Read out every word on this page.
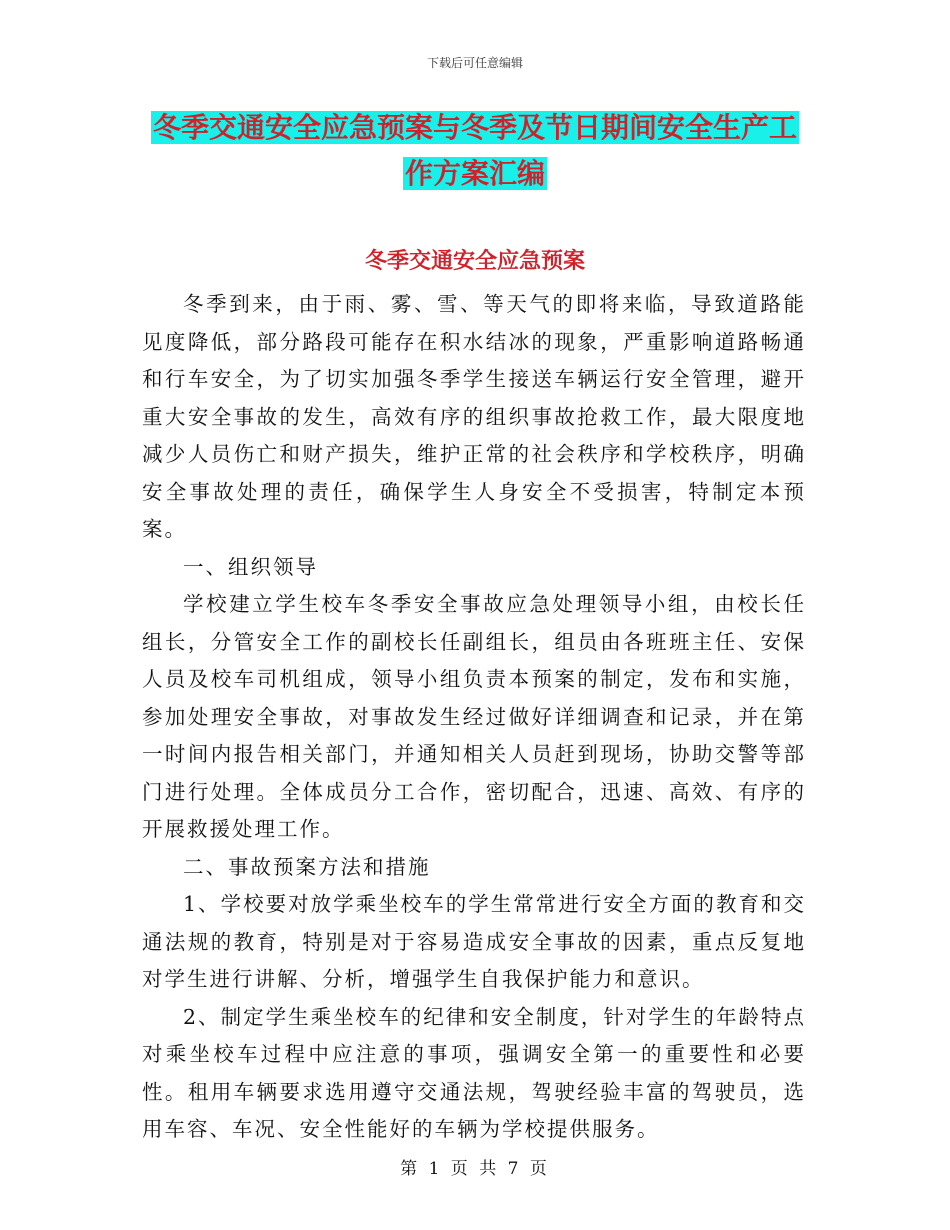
下载后可任意编辑
冬季交通安全应急预案与冬季及节日期间安全生产工
作方案汇编
冬季交通安全应急预案

冬季到来，由于雨、雾、雪、等天气的即将来临，导致道路能见度降低，部分路段可能存在积水结冰的现象，严重影响道路畅通和行车安全，为了切实加强冬季学生接送车辆运行安全管理，避开重大安全事故的发生，高效有序的组织事故抢救工作，最大限度地减少人员伤亡和财产损失，维护正常的社会秩序和学校秩序，明确安全事故处理的责任，确保学生人身安全不受损害，特制定本预案。

一、组织领导

学校建立学生校车冬季安全事故应急处理领导小组，由校长任组长，分管安全工作的副校长任副组长，组员由各班班主任、安保人员及校车司机组成，领导小组负责本预案的制定，发布和实施，参加处理安全事故，对事故发生经过做好详细调查和记录，并在第一时间内报告相关部门，并通知相关人员赶到现场，协助交警等部门进行处理。全体成员分工合作，密切配合，迅速、高效、有序的开展救援处理工作。

二、事故预案方法和措施

1、学校要对放学乘坐校车的学生常常进行安全方面的教育和交通法规的教育，特别是对于容易造成安全事故的因素，重点反复地对学生进行讲解、分析，增强学生自我保护能力和意识。

2、制定学生乘坐校车的纪律和安全制度，针对学生的年龄特点对乘坐校车过程中应注意的事项，强调安全第一的重要性和必要性。租用车辆要求选用遵守交通法规，驾驶经验丰富的驾驶员，选用车容、车况、安全性能好的车辆为学校提供服务。

第 1 页 共 7 页
